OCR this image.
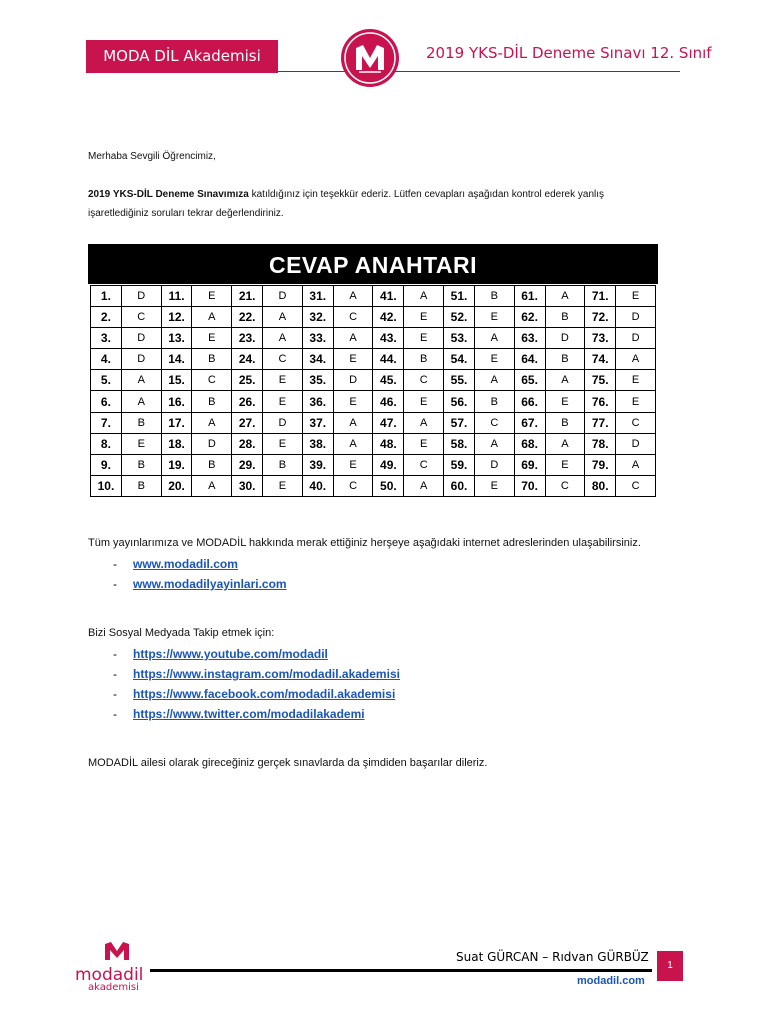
MODA DİL Akademisi	2019 YKS-DİL Deneme Sınavı 12. Sınıf
Merhaba Sevgili Öğrencimiz,
2019 YKS-DİL Deneme Sınavımıza katıldığınız için teşekkür ederiz. Lütfen cevapları aşağıdan kontrol ederek yanlış
işaretlediğiniz soruları tekrar değerlendiriniz.
CEVAP ANAHTARI
1.	D	11.	E	21.	D	31.	A	41.	A	51.	B	61.	A	71.	E
2.	C	12.	A	22.	A	32.	C	42.	E	52.	E	62.	B	72.	D
3.	D	13.	E	23.	A	33.	A	43.	E	53.	A	63.	D	73.	D
4.	D	14.	B	24.	C	34.	E	44.	B	54.	E	64.	B	74.	A
5.	A	15.	C	25.	E	35.	D	45.	C	55.	A	65.	A	75.	E
6.	A	16.	B	26.	E	36.	E	46.	E	56.	B	66.	E	76.	E
7.	B	17.	A	27.	D	37.	A	47.	A	57.	C	67.	B	77.	C
8.	E	18.	D	28.	E	38.	A	48.	E	58.	A	68.	A	78.	D
9.	B	19.	B	29.	B	39.	E	49.	C	59.	D	69.	E	79.	A
10.	B	20.	A	30.	E	40.	C	50.	A	60.	E	70.	C	80.	C
Tüm yayınlarımıza ve MODADİL hakkında merak ettiğiniz herşeye aşağıdaki internet adreslerinden ulaşabilirsiniz.
- www.modadil.com
- www.modadilyayinlari.com
Bizi Sosyal Medyada Takip etmek için:
- https://www.youtube.com/modadil
- https://www.instagram.com/modadil.akademisi
- https://www.facebook.com/modadil.akademisi
- https://www.twitter.com/modadilakademi
MODADİL ailesi olarak gireceğiniz gerçek sınavlarda da şimdiden başarılar dileriz.
modadil
akademisi
Suat GÜRCAN – Rıdvan GÜRBÜZ
1
modadil.com
